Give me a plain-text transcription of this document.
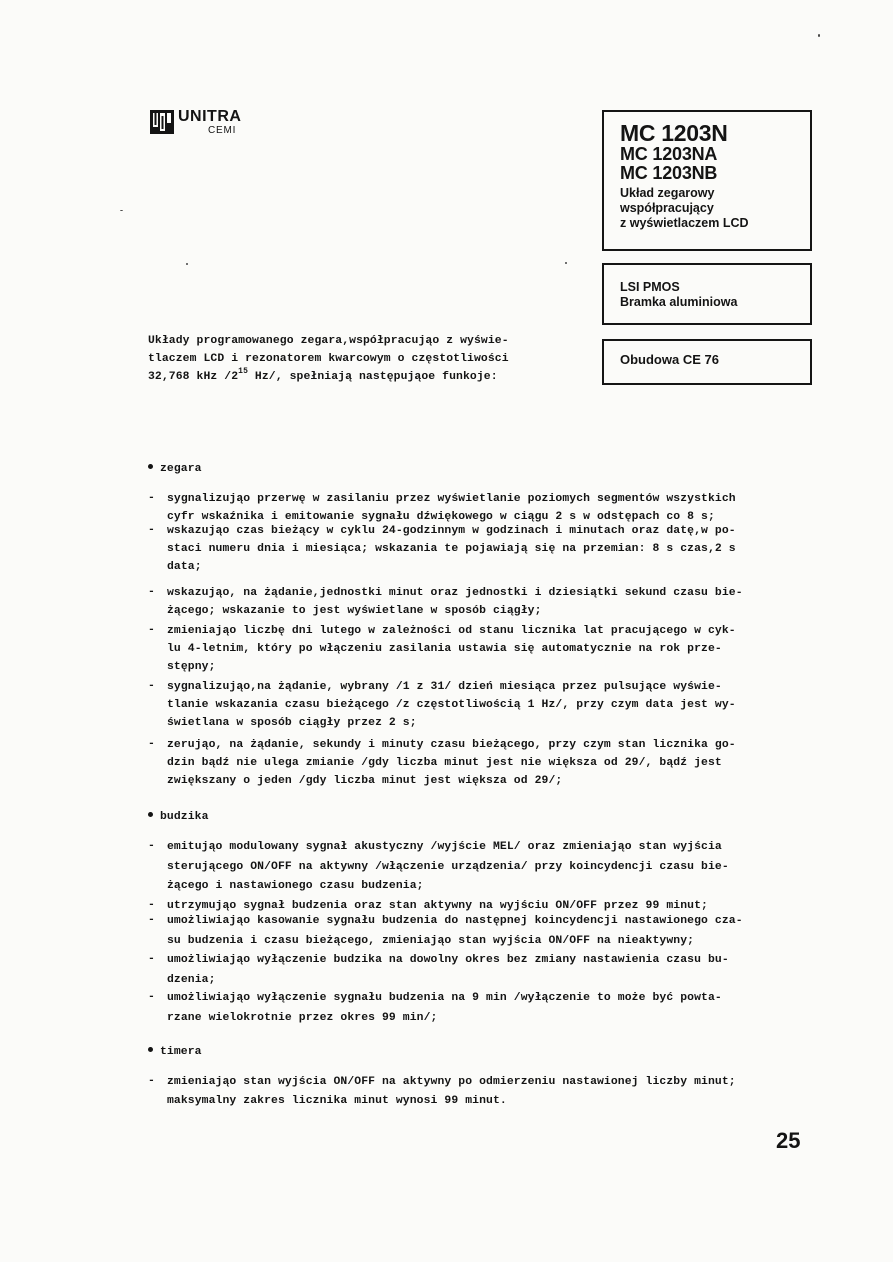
UNITRA
CEMI	MC 1203N
MC 1203NA
MC 1203NB
Układ zegarowy
współpracujący
z wyświetlaczem LCD
LSI PMOS
Bramka aluminiowa
Obudowa CE 76
Układy programowanego zegara,współpracująo z wyświe-
tlaczem LCD i rezonatorem kwarcowym o częstotliwości
32,768 kHz $/2^{15}$ Hz/, spełniają następująoe funkoje:
zegara
- sygnalizująo przerwę w zasilaniu przez wyświetlanie poziomych segmentów wszystkich
cyfr wskaźnika i emitowanie sygnału dźwiękowego w ciągu 2 s w odstępach co 8 s;
- wskazująo czas bieżący w cyklu 24-godzinnym w godzinach i minutach oraz datę,w po-
staci numeru dnia i miesiąca; wskazania te pojawiają się na przemian: 8 s czas,2 s
data;
- wskazująo, na żądanie,jednostki minut oraz jednostki i dziesiątki sekund czasu bie-
żącego; wskazanie to jest wyświetlane w sposób ciągły;
- zmieniająo liczbę dni lutego w zależności od stanu licznika lat pracującego w cyk-
lu 4-letnim, który po włączeniu zasilania ustawia się automatycznie na rok prze-
stępny;
- sygnalizująo,na żądanie, wybrany /1 z 31/ dzień miesiąca przez pulsujące wyświe-
tlanie wskazania czasu bieżącego /z częstotliwością 1 Hz/, przy czym data jest wy-
świetlana w sposób ciągły przez 2 s;
- zerująo, na żądanie, sekundy i minuty czasu bieżącego, przy czym stan licznika go-
dzin bądź nie ulega zmianie /gdy liczba minut jest nie większa od 29/, bądź jest
zwiększany o jeden /gdy liczba minut jest większa od 29/;
budzika
- emitująo modulowany sygnał akustyczny /wyjście MEL/ oraz zmieniająo stan wyjścia
sterującego ON/OFF na aktywny /włączenie urządzenia/ przy koincydencji czasu bie-
żącego i nastawionego czasu budzenia;
- utrzymująo sygnał budzenia oraz stan aktywny na wyjściu ON/OFF przez 99 minut;
- umożliwiająo kasowanie sygnału budzenia do następnej koincydencji nastawionego cza-
su budzenia i czasu bieżącego, zmieniająo stan wyjścia ON/OFF na nieaktywny;
- umożliwiająo wyłączenie budzika na dowolny okres bez zmiany nastawienia czasu bu-
dzenia;
- umożliwiająo wyłączenie sygnału budzenia na 9 min /wyłączenie to może być powta-
rzane wielokrotnie przez okres 99 min/;
timera
- zmieniająo stan wyjścia ON/OFF na aktywny po odmierzeniu nastawionej liczby minut;
maksymalny zakres licznika minut wynosi 99 minut.
25
